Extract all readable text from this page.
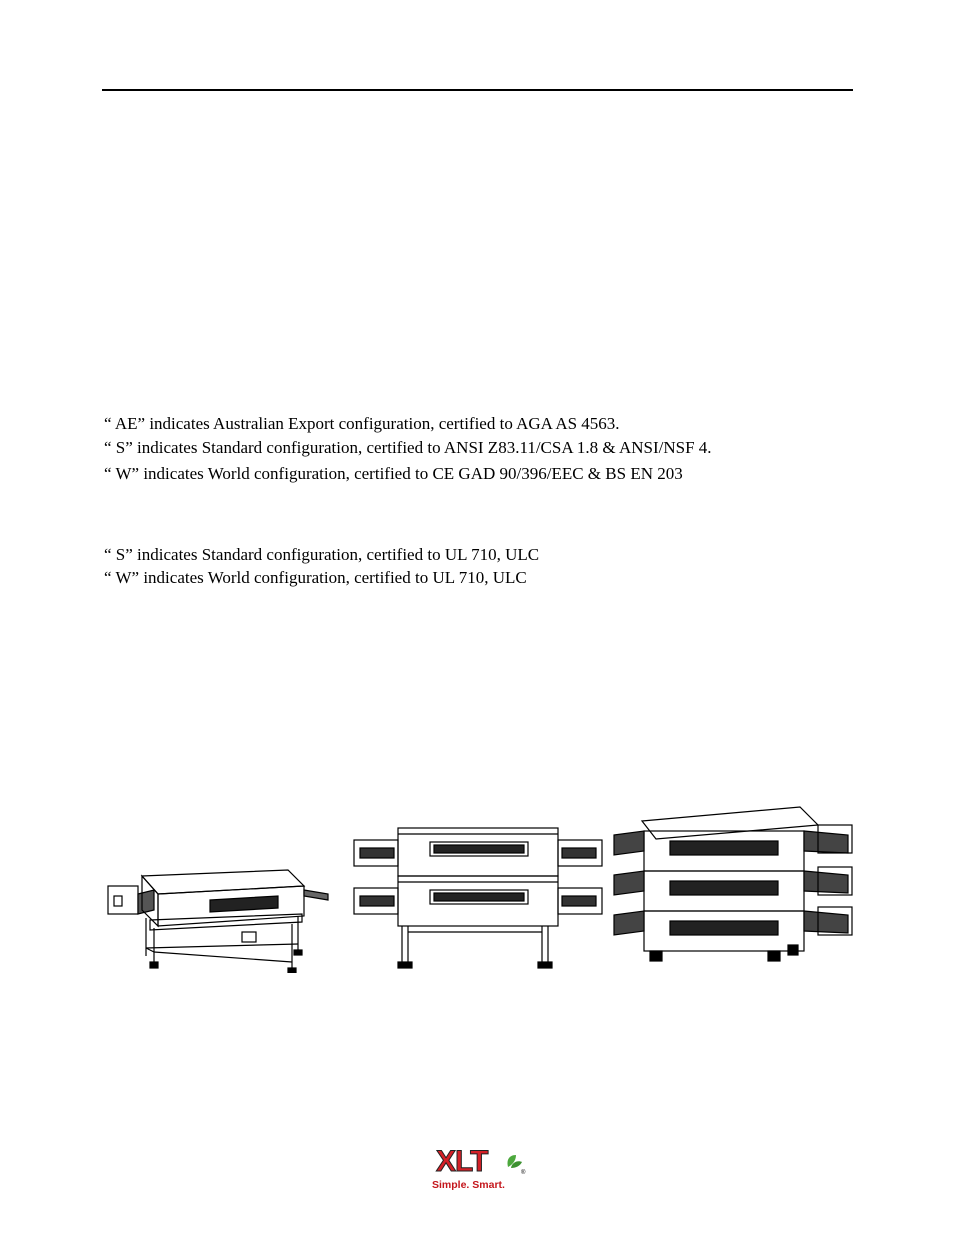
“ AE” indicates Australian Export configuration, certified to AGA AS 4563.
“ S” indicates Standard configuration, certified to ANSI Z83.11/CSA 1.8 & ANSI/NSF 4.
“ W” indicates World configuration, certified to CE GAD 90/396/EEC & BS EN 203
“ S” indicates Standard configuration, certified to UL 710, ULC
“ W” indicates World configuration, certified to UL 710, ULC
XLT	®
Simple. Smart.
